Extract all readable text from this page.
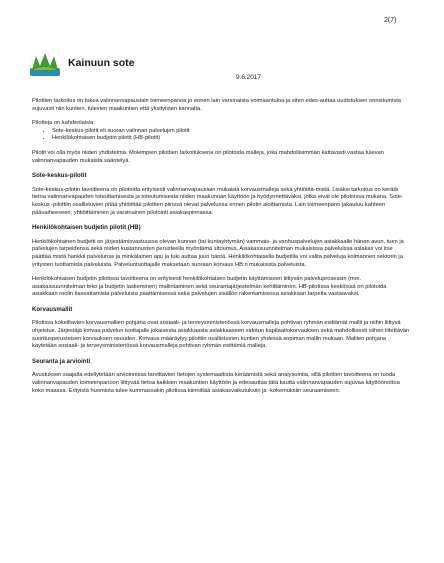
2(7)
Kainuun sote
9.6.2017

Pilottien tarkoitus on tukea valinnanvapauslain toimeenpanoa jo ennen lain varsinaista voimaantuloa ja siten edes-auttaa uudistuksen onnistumista sujuvasti niin kuntien, tulevien maakuntien että yksityisten kannalta.

Pilotteja on kahdenlaisia:

• Sote-keskus-pilotit eli suoran valinnan palvelujen pilotit
• Henkilökohtaisen budjetin pilotit (HB-pilotit)

Pilotit voi olla myös niiden yhdistelmä. Molempien pilottien tarkoituksena on pilotoida malleja, joka mahdollisimman kattavasti vastaa tulevan valinnanvapauden mukaista sääntelyä.

Sote-keskus-pilotit

Sote-keskus-pilotin tavoitteena on pilotoida erityisesti valinnanvapauslain mukaisia korvausmalleja sekä yhtiöittä-mistä. Lisäksi tarkoitus on kerätä tietoa valinnanvapauden toteuttamisesta ja toteutumisesta niiden maakunnan käyttöön ja hyödynnettäväksi, jotka eivät ole pilotoissa mukana. Sote-keskus -pilottiin osallistuvien pitää yhtiöittää pilottien piirissä olevat palvelunsa ennen pilotin aloittamista. Lain toimeenpano jakautuu kahteen päävaiheeseen; yhtiöittäminen ja varsinainen pilotointi asiakaspinnassa.

Henkilökohtaisen budjetin pilotit (HB)

Henkilökohtainen budjetti on järjestämisvastuussa olevan kunnan (tai kuntayhtymän) vammais- ja vanhuspalvelujen asiakkaalle hänen avun, tuen ja palvelujen tarpeidensa sekä niiden kustannusten perusteella myöntämä sitoumus. Asiakassuunnitelman mukaisissa palveluissa asiakas voi itse päättää mistä hankkii palvelunsa ja minkälainen apu ja tuki auttaa juuri häntä. Henkilökohtaisella budjetilla voi valita palveluja kolmannen sektorin ja yritysten tuottamista palveluista. Palveluntuottajalle maksetaan suoraan korvaus HB:n mukaisista palveluista.

Henkilökohtaisen budjetin pilotissa tavoitteena on erityisesti henkilökohtaisen budjetin käyttämiseen liittyvän palveluprosessin (mm. asiakassuunnitelman teko ja budjetin laskeminen) mallintaminen sekä seurantajärjestelmän kehittäminen. HB-pilotissa keskiössä on pilotoida asiakkaan roolin kasvattamista palveluista päättämisessä sekä palvelujen sisällön rakentamisessa asiakkaan tarpeita vastaavaksi.

Korvausmallit

Pilotissa kokeiltavien korvausmallien pohjana ovat sosiaali- ja terveysministeriössä korvausmalleja pohtivan ryhmän esittämät mallit ja niihin liittyvä ohjeistus. Järjestäjä korvaa palvelun tuottajalle jokaisesta asiakkaasta asiakkaaseen sidotun kapitaatiokorvauksen sekä mahdollisesti siihen liitettävän suoritusperusteisen korvauksen osuuden. Korvaus määräytyy pilottiin osallistuvien kuntien yhdessä sopiman mallin mukaan. Mallien pohjana käytetään sosiaali- ja terveysministeriössä korvausmalleja pohtivan ryhmän esittämiä malleja.

Seuranta ja arviointi

Avustuksen saajalta edellytetään arvioinnissa tarvittavien tietojen systemaattista keräämistä sekä analysointia, sillä pilottien tavoitteena on tuoda valinnanvapauden toimeenpanoon liittyvää tietoa kaikkien maakuntien käyttöön ja edesauttaa tätä kautta valinnanvapauden sujuvaa käyttöönottoa koko maassa. Erityistä huomiota tulee kummassakin pilotissa kiinnittää asiakasvaikutuksiin ja -kokemuksiin seuraamiseen.
